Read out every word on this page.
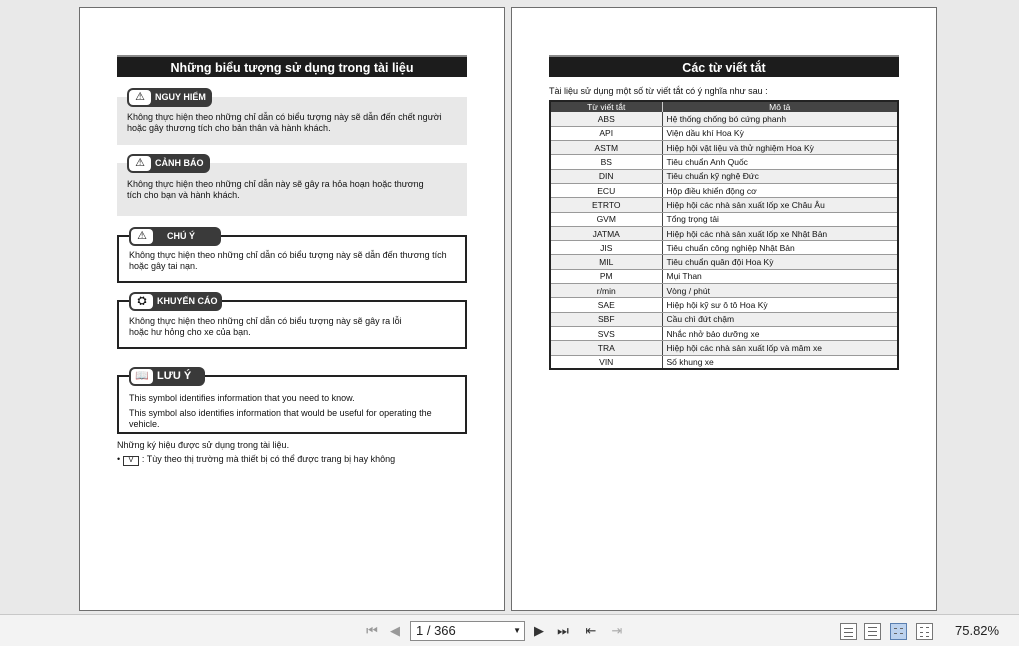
Những biểu tượng sử dụng trong tài liệu
⚠	NGUY HIỂM
Không thực hiện theo những chỉ dẫn có biểu tượng này sẽ dẫn đến chết người
hoặc gây thương tích cho bản thân và hành khách.
⚠	CẢNH BÁO
Không thực hiện theo những chỉ dẫn này sẽ gây ra hỏa hoạn hoặc thương
tích cho bạn và hành khách.
⚠	CHÚ Ý
Không thực hiện theo những chỉ dẫn có biểu tượng này sẽ dẫn đến thương tích
hoặc gây tai nạn.
⛭	KHUYẾN CÁO
Không thực hiện theo những chỉ dẫn có biểu tượng này sẽ gây ra lỗi
hoặc hư hỏng cho xe của bạn.
📖 LƯU Ý
This symbol identifies information that you need to know.
This symbol also identifies information that would be useful for operating the
vehicle.
Những ký hiệu được sử dụng trong tài liệu.
• V : Tùy theo thị trường mà thiết bị có thể được trang bị hay không
Các từ viết tắt
Tài liệu sử dụng một số từ viết tắt có ý nghĩa như sau :
Từ viết tắt	Mô tả
ABS	Hệ thống chống bó cứng phanh
API	Viện dầu khí Hoa Kỳ
ASTM	Hiệp hội vật liệu và thử nghiệm Hoa Kỳ
BS	Tiêu chuẩn Anh Quốc
DIN	Tiêu chuẩn kỹ nghệ Đức
ECU	Hộp điều khiển động cơ
ETRTO	Hiệp hội các nhà sản xuất lốp xe Châu Âu
GVM	Tổng trọng tải
JATMA	Hiệp hội các nhà sản xuất lốp xe Nhật Bản
JIS	Tiêu chuẩn công nghiệp Nhật Bản
MIL	Tiêu chuẩn quân đội Hoa Kỳ
PM	Mụi Than
r/min	Vòng / phút
SAE	Hiệp hội kỹ sư ô tô Hoa Kỳ
SBF	Cầu chì đứt chậm
SVS	Nhắc nhở bảo dưỡng xe
TRA	Hiệp hội các nhà sản xuất lốp và mâm xe
VIN	Số khung xe
⏮ ◀	1 / 366	▼ ▶ ⏭	⇤	⇥	75.82%
